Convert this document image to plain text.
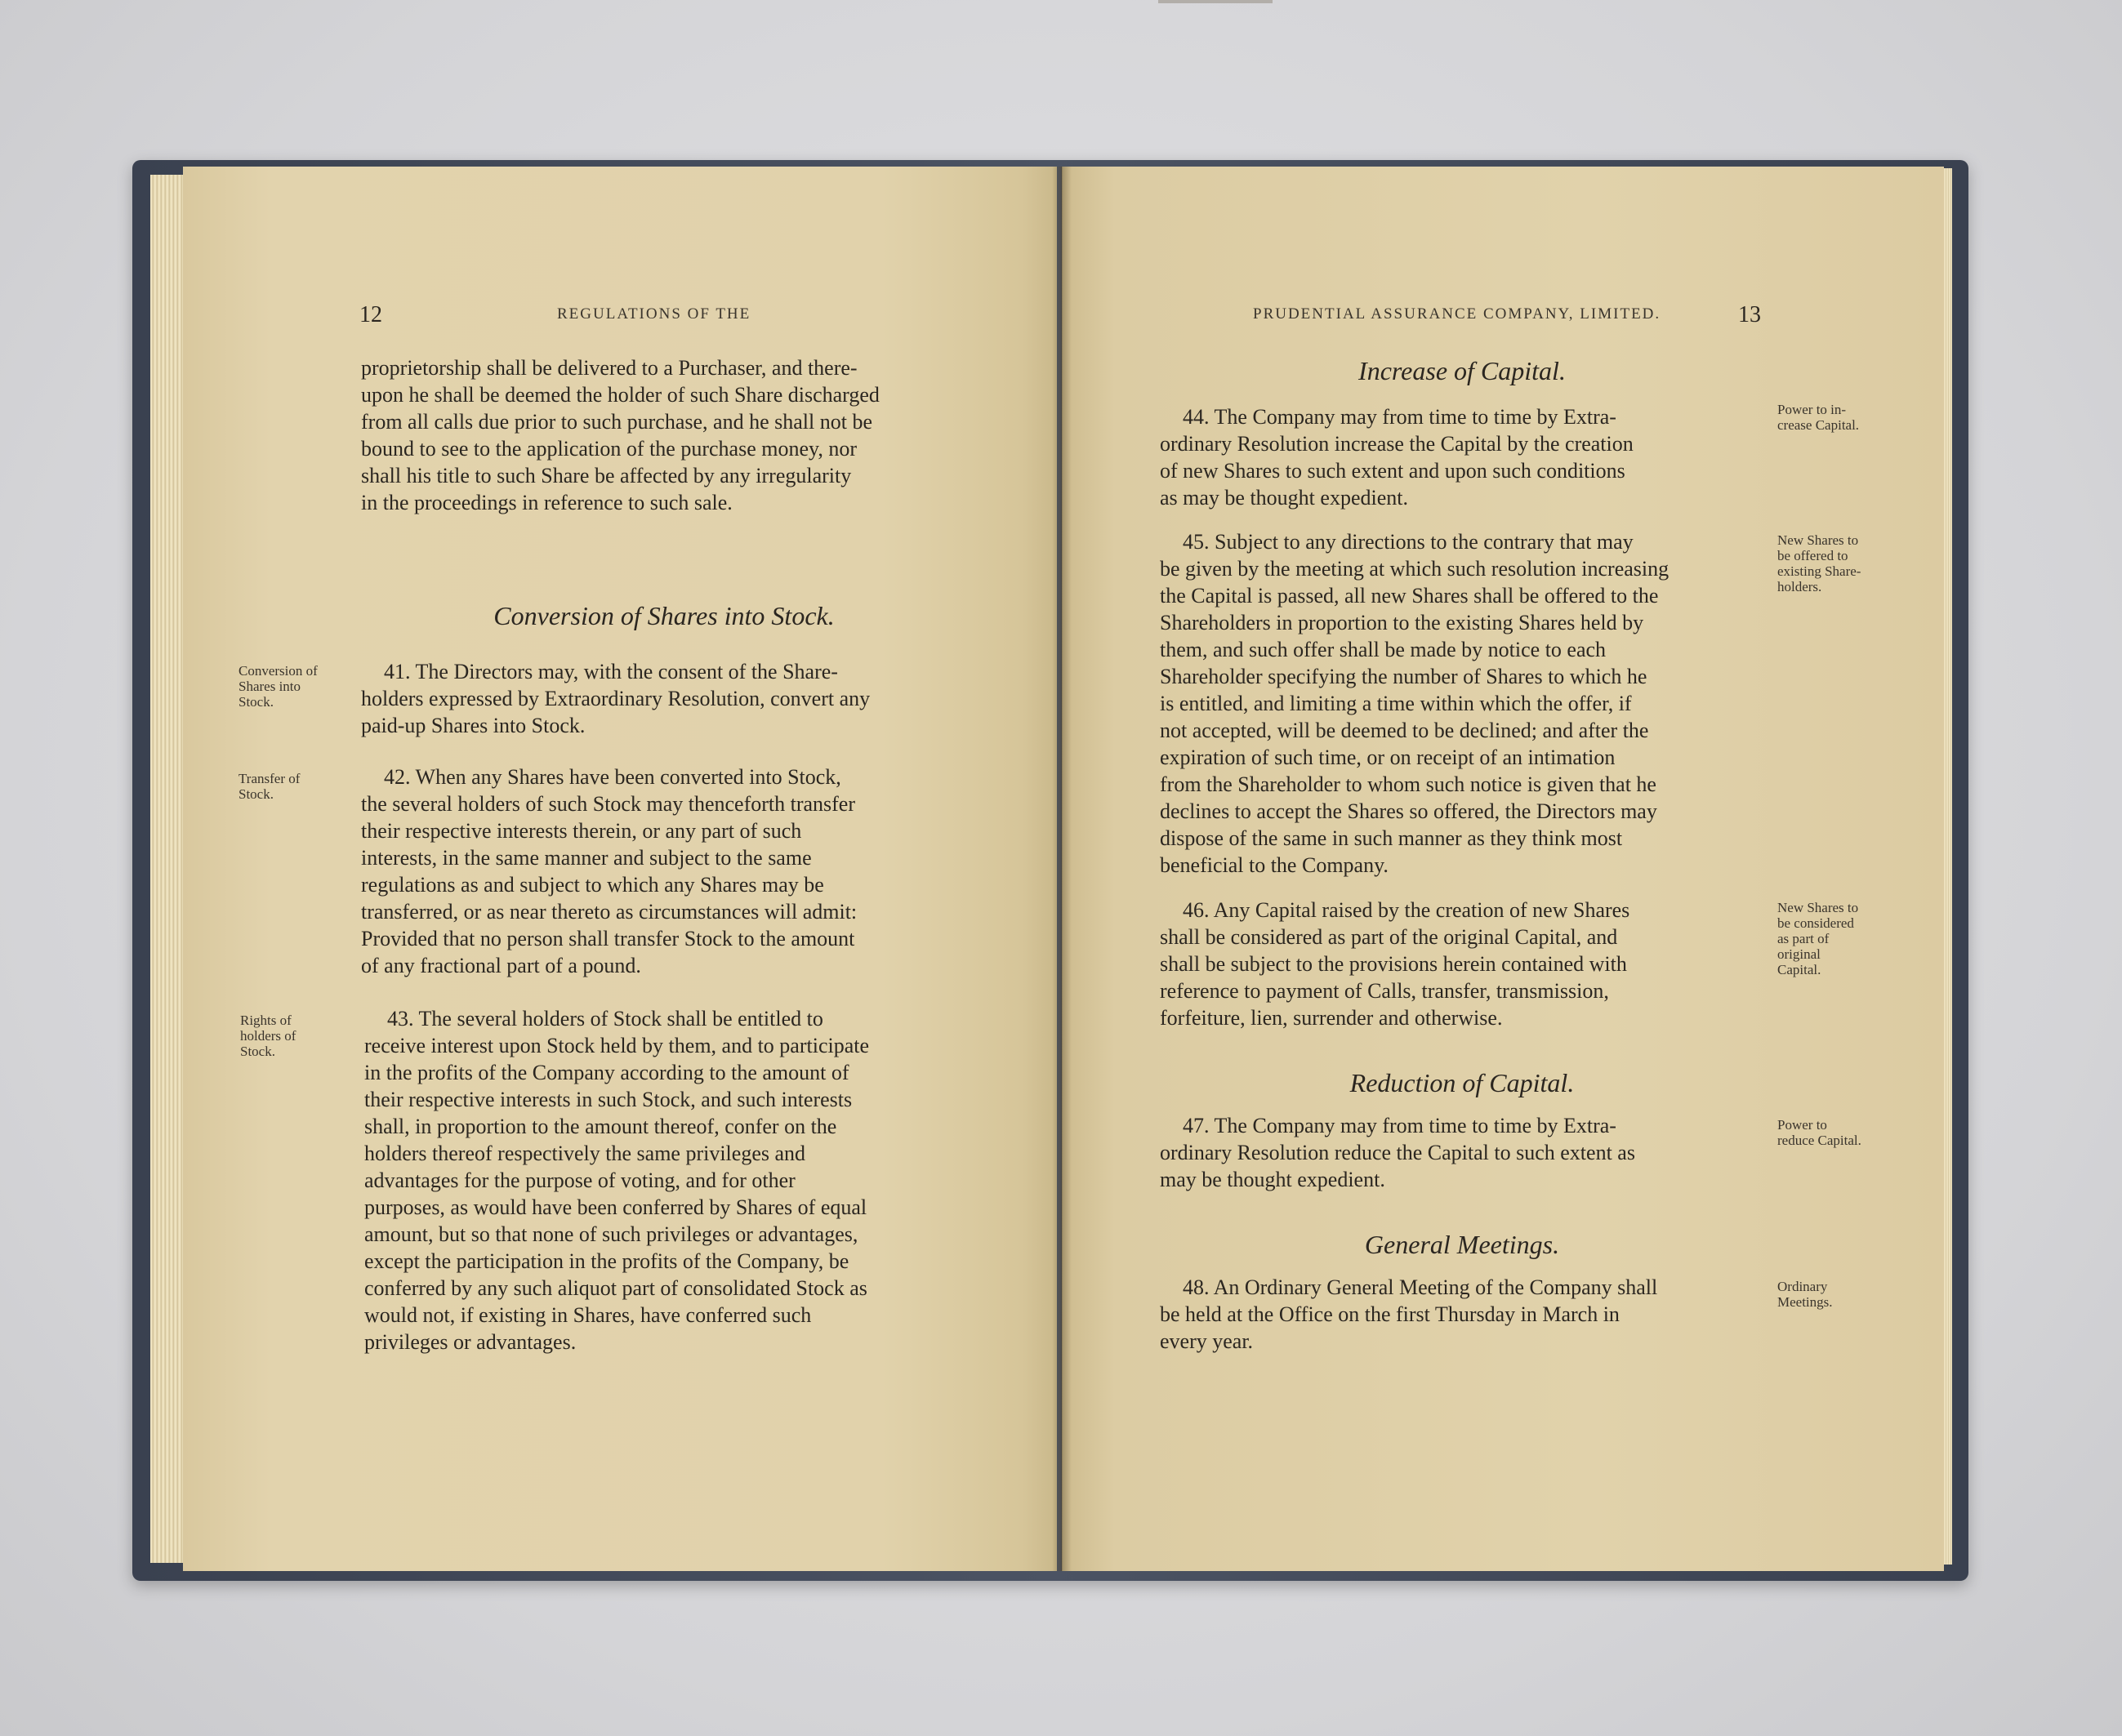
12	REGULATIONS OF THE
proprietorship shall be delivered to a Purchaser, and there-
upon he shall be deemed the holder of such Share discharged
from all calls due prior to such purchase, and he shall not be
bound to see to the application of the purchase money, nor
shall his title to such Share be affected by any irregularity
in the proceedings in reference to such sale.
Conversion of Shares into Stock.
Conversion of
Shares into
Stock.
41. The Directors may, with the consent of the Share-
holders expressed by Extraordinary Resolution, convert any
paid-up Shares into Stock.
Transfer of
Stock.
42. When any Shares have been converted into Stock,
the several holders of such Stock may thenceforth transfer
their respective interests therein, or any part of such
interests, in the same manner and subject to the same
regulations as and subject to which any Shares may be
transferred, or as near thereto as circumstances will admit:
Provided that no person shall transfer Stock to the amount
of any fractional part of a pound.
Rights of
holders of
Stock.
43. The several holders of Stock shall be entitled to
receive interest upon Stock held by them, and to participate
in the profits of the Company according to the amount of
their respective interests in such Stock, and such interests
shall, in proportion to the amount thereof, confer on the
holders thereof respectively the same privileges and
advantages for the purpose of voting, and for other
purposes, as would have been conferred by Shares of equal
amount, but so that none of such privileges or advantages,
except the participation in the profits of the Company, be
conferred by any such aliquot part of consolidated Stock as
would not, if existing in Shares, have conferred such
privileges or advantages.
PRUDENTIAL ASSURANCE COMPANY, LIMITED.	13
Increase of Capital.
44. The Company may from time to time by Extra-
ordinary Resolution increase the Capital by the creation
of new Shares to such extent and upon such conditions
as may be thought expedient.
Power to in-
crease Capital.
45. Subject to any directions to the contrary that may
be given by the meeting at which such resolution increasing
the Capital is passed, all new Shares shall be offered to the
Shareholders in proportion to the existing Shares held by
them, and such offer shall be made by notice to each
Shareholder specifying the number of Shares to which he
is entitled, and limiting a time within which the offer, if
not accepted, will be deemed to be declined; and after the
expiration of such time, or on receipt of an intimation
from the Shareholder to whom such notice is given that he
declines to accept the Shares so offered, the Directors may
dispose of the same in such manner as they think most
beneficial to the Company.
New Shares to
be offered to
existing Share-
holders.
46. Any Capital raised by the creation of new Shares
shall be considered as part of the original Capital, and
shall be subject to the provisions herein contained with
reference to payment of Calls, transfer, transmission,
forfeiture, lien, surrender and otherwise.
New Shares to
be considered
as part of
original
Capital.
Reduction of Capital.
47. The Company may from time to time by Extra-
ordinary Resolution reduce the Capital to such extent as
may be thought expedient.
Power to
reduce Capital.
General Meetings.
48. An Ordinary General Meeting of the Company shall
be held at the Office on the first Thursday in March in
every year.
Ordinary
Meetings.
